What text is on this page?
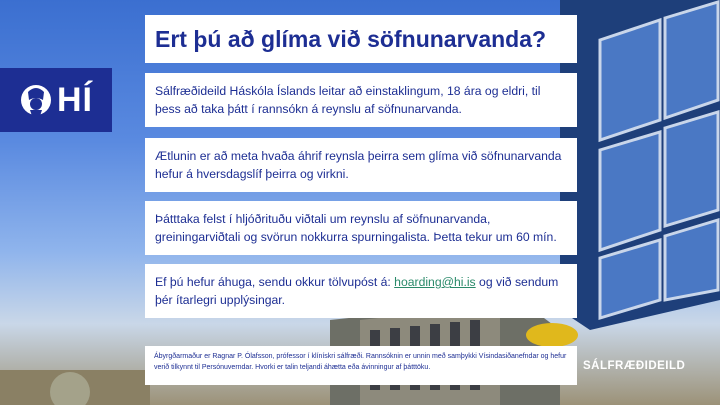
HÍ
Ert þú að glíma við söfnunarvanda?
Sálfræðideild Háskóla Íslands leitar að einstaklingum, 18 ára og eldri, til þess að taka þátt í rannsókn á reynslu af söfnunarvanda.
Ætlunin er að meta hvaða áhrif reynsla þeirra sem glíma við söfnunarvanda hefur á hversdagslíf þeirra og virkni.
Þátttaka felst í hljóðrituðu viðtali um reynslu af söfnunarvanda, greiningarviðtali og svörun nokkurra spurningalista. Þetta tekur um 60 mín.
Ef þú hefur áhuga, sendu okkur tölvupóst á: hoarding@hi.is og við sendum þér ítarlegri upplýsingar.
Ábyrgðarmaður er Ragnar P. Ólafsson, prófessor í klínískri sálfræði. Rannsóknin er unnin með samþykki Vísindasiðanefndar og hefur verið tilkynnt til Persónuverndar. Hvorki er talin teljandi áhætta eða ávinningur af þátttöku.	SÁLFRÆÐIDEILD
